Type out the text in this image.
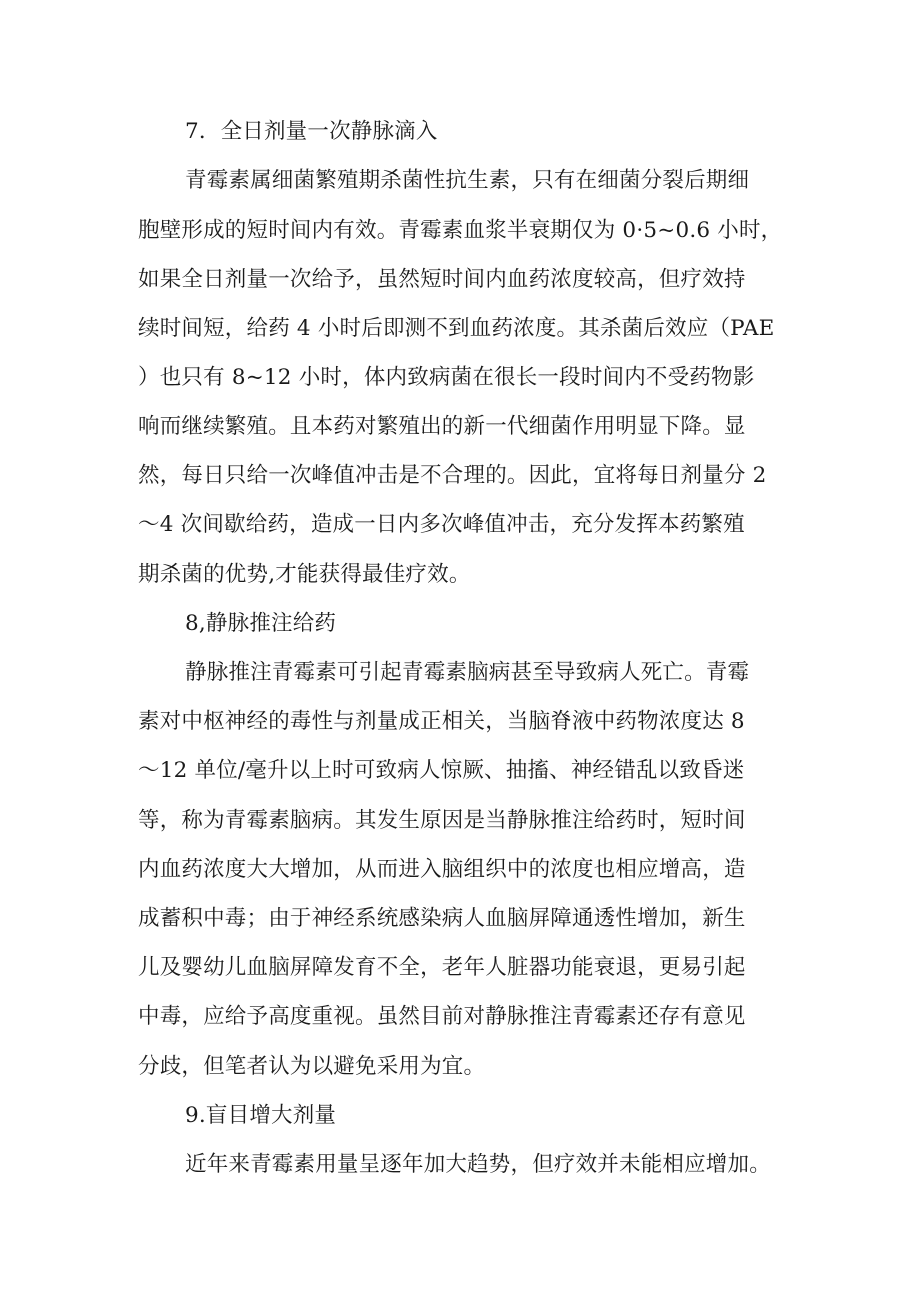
7．全日剂量一次静脉滴入
青霉素属细菌繁殖期杀菌性抗生素，只有在细菌分裂后期细
胞壁形成的短时间内有效。青霉素血浆半衰期仅为 0·5~0.6 小时，
如果全日剂量一次给予，虽然短时间内血药浓度较高，但疗效持
续时间短，给药 4 小时后即测不到血药浓度。其杀菌后效应（PAE
）也只有 8~12 小时，体内致病菌在很长一段时间内不受药物影
响而继续繁殖。且本药对繁殖出的新一代细菌作用明显下降。显
然，每日只给一次峰值冲击是不合理的。因此，宜将每日剂量分 2
～4 次间歇给药，造成一日内多次峰值冲击，充分发挥本药繁殖
期杀菌的优势,才能获得最佳疗效。
8,静脉推注给药
静脉推注青霉素可引起青霉素脑病甚至导致病人死亡。青霉
素对中枢神经的毒性与剂量成正相关，当脑脊液中药物浓度达 8
～12 单位/毫升以上时可致病人惊厥、抽搐、神经错乱以致昏迷
等，称为青霉素脑病。其发生原因是当静脉推注给药时，短时间
内血药浓度大大增加，从而进入脑组织中的浓度也相应增高，造
成蓄积中毒；由于神经系统感染病人血脑屏障通透性增加，新生
儿及婴幼儿血脑屏障发育不全，老年人脏器功能衰退，更易引起
中毒，应给予高度重视。虽然目前对静脉推注青霉素还存有意见
分歧，但笔者认为以避免采用为宜。
9.盲目增大剂量
近年来青霉素用量呈逐年加大趋势，但疗效并未能相应增加。
